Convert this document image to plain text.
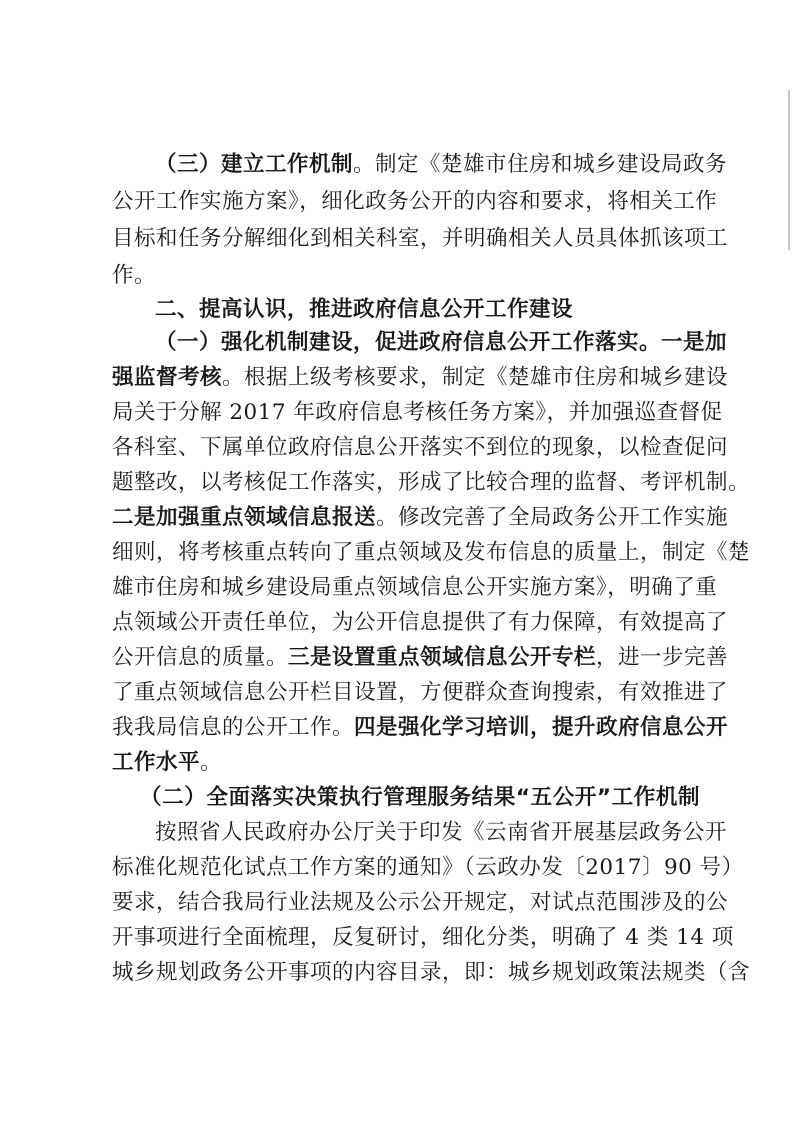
（三）建立工作机制。制定《楚雄市住房和城乡建设局政务
公开工作实施方案》，细化政务公开的内容和要求，将相关工作
目标和任务分解细化到相关科室，并明确相关人员具体抓该项工
作。
二、提高认识，推进政府信息公开工作建设
（一）强化机制建设，促进政府信息公开工作落实。一是加
强监督考核。根据上级考核要求，制定《楚雄市住房和城乡建设
局关于分解 2017 年政府信息考核任务方案》，并加强巡查督促
各科室、下属单位政府信息公开落实不到位的现象，以检查促问
题整改，以考核促工作落实，形成了比较合理的监督、考评机制。
二是加强重点领域信息报送。修改完善了全局政务公开工作实施
细则，将考核重点转向了重点领域及发布信息的质量上，制定《楚
雄市住房和城乡建设局重点领域信息公开实施方案》，明确了重
点领域公开责任单位，为公开信息提供了有力保障，有效提高了
公开信息的质量。三是设置重点领域信息公开专栏，进一步完善
了重点领域信息公开栏目设置，方便群众查询搜索，有效推进了
我我局信息的公开工作。四是强化学习培训，提升政府信息公开
工作水平。
（二）全面落实决策执行管理服务结果“五公开”工作机制
按照省人民政府办公厅关于印发《云南省开展基层政务公开
标准化规范化试点工作方案的通知》（云政办发〔2017〕90 号）
要求，结合我局行业法规及公示公开规定，对试点范围涉及的公
开事项进行全面梳理，反复研讨，细化分类，明确了 4 类 14 项
城乡规划政务公开事项的内容目录，即：城乡规划政策法规类（含
